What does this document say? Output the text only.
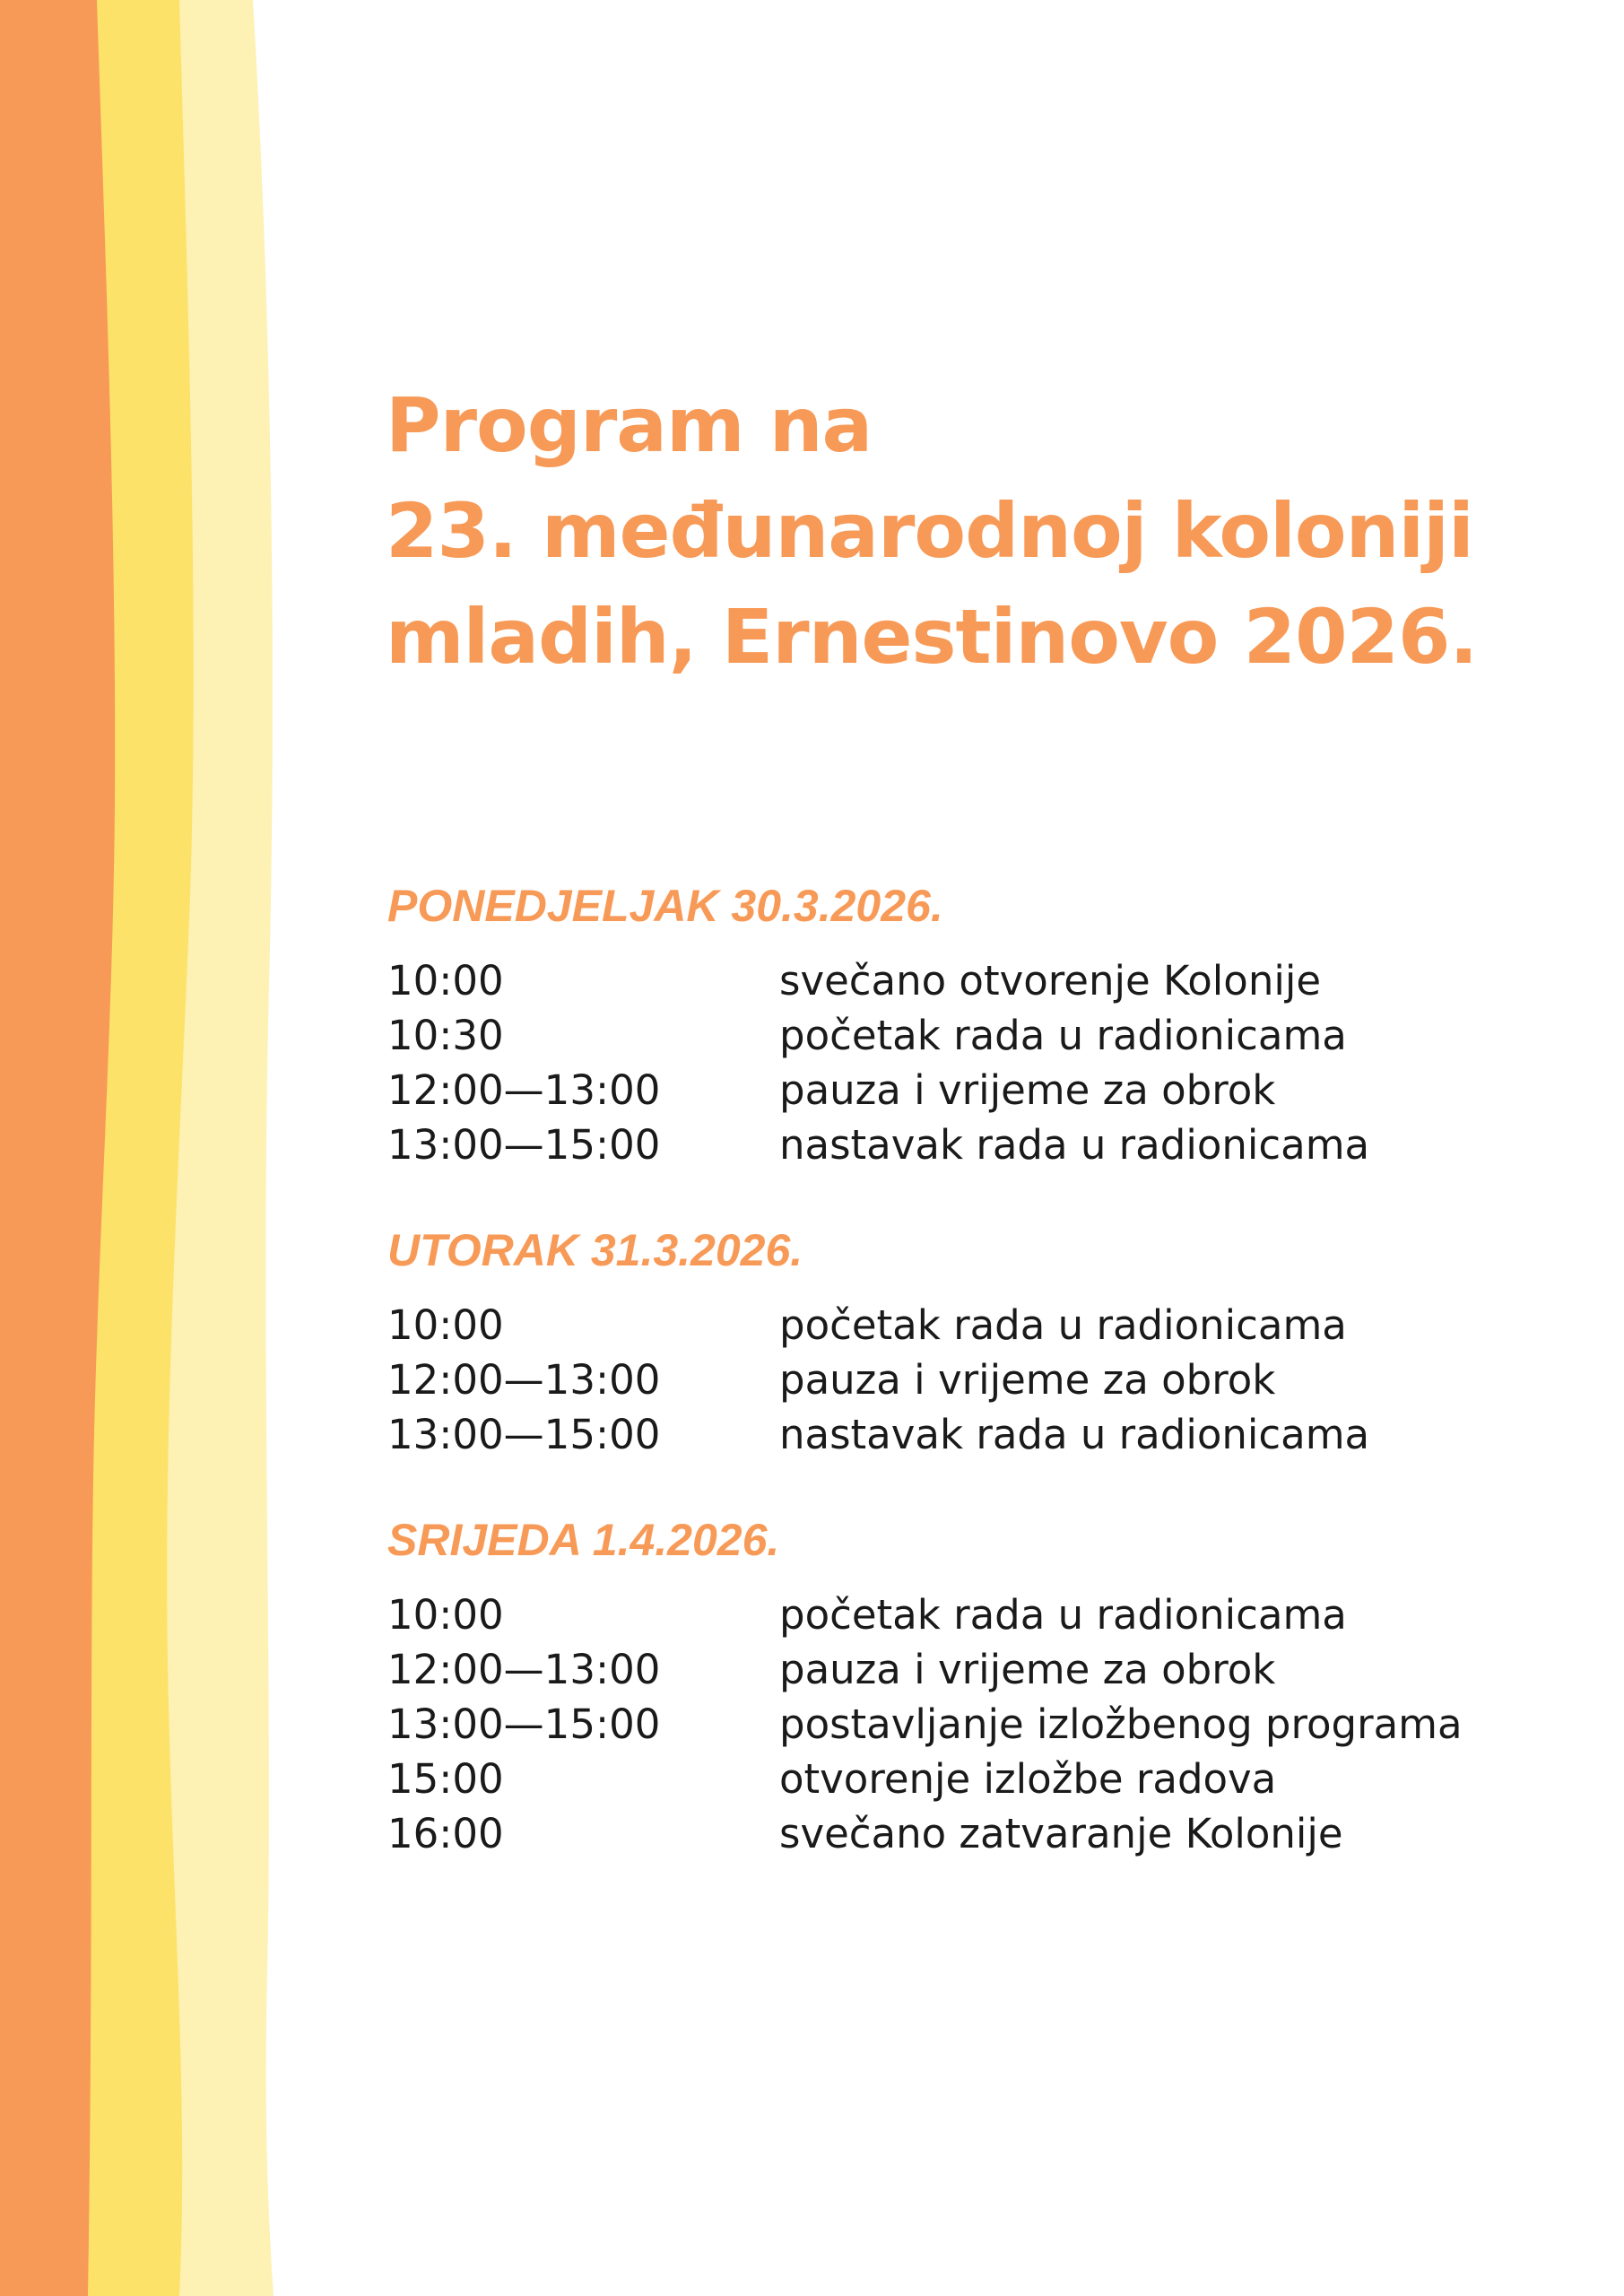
Program na
23. međunarodnoj koloniji
mladih, Ernestinovo 2026.
PONEDJELJAK 30.3.2026.
10:00	svečano otvorenje Kolonije
10:30	početak rada u radionicama
12:00—13:00	pauza i vrijeme za obrok
13:00—15:00	nastavak rada u radionicama
UTORAK 31.3.2026.
10:00	početak rada u radionicama
12:00—13:00	pauza i vrijeme za obrok
13:00—15:00	nastavak rada u radionicama
SRIJEDA 1.4.2026.
10:00	početak rada u radionicama
12:00—13:00	pauza i vrijeme za obrok
13:00—15:00	postavljanje izložbenog programa
15:00	otvorenje izložbe radova
16:00	svečano zatvaranje Kolonije
